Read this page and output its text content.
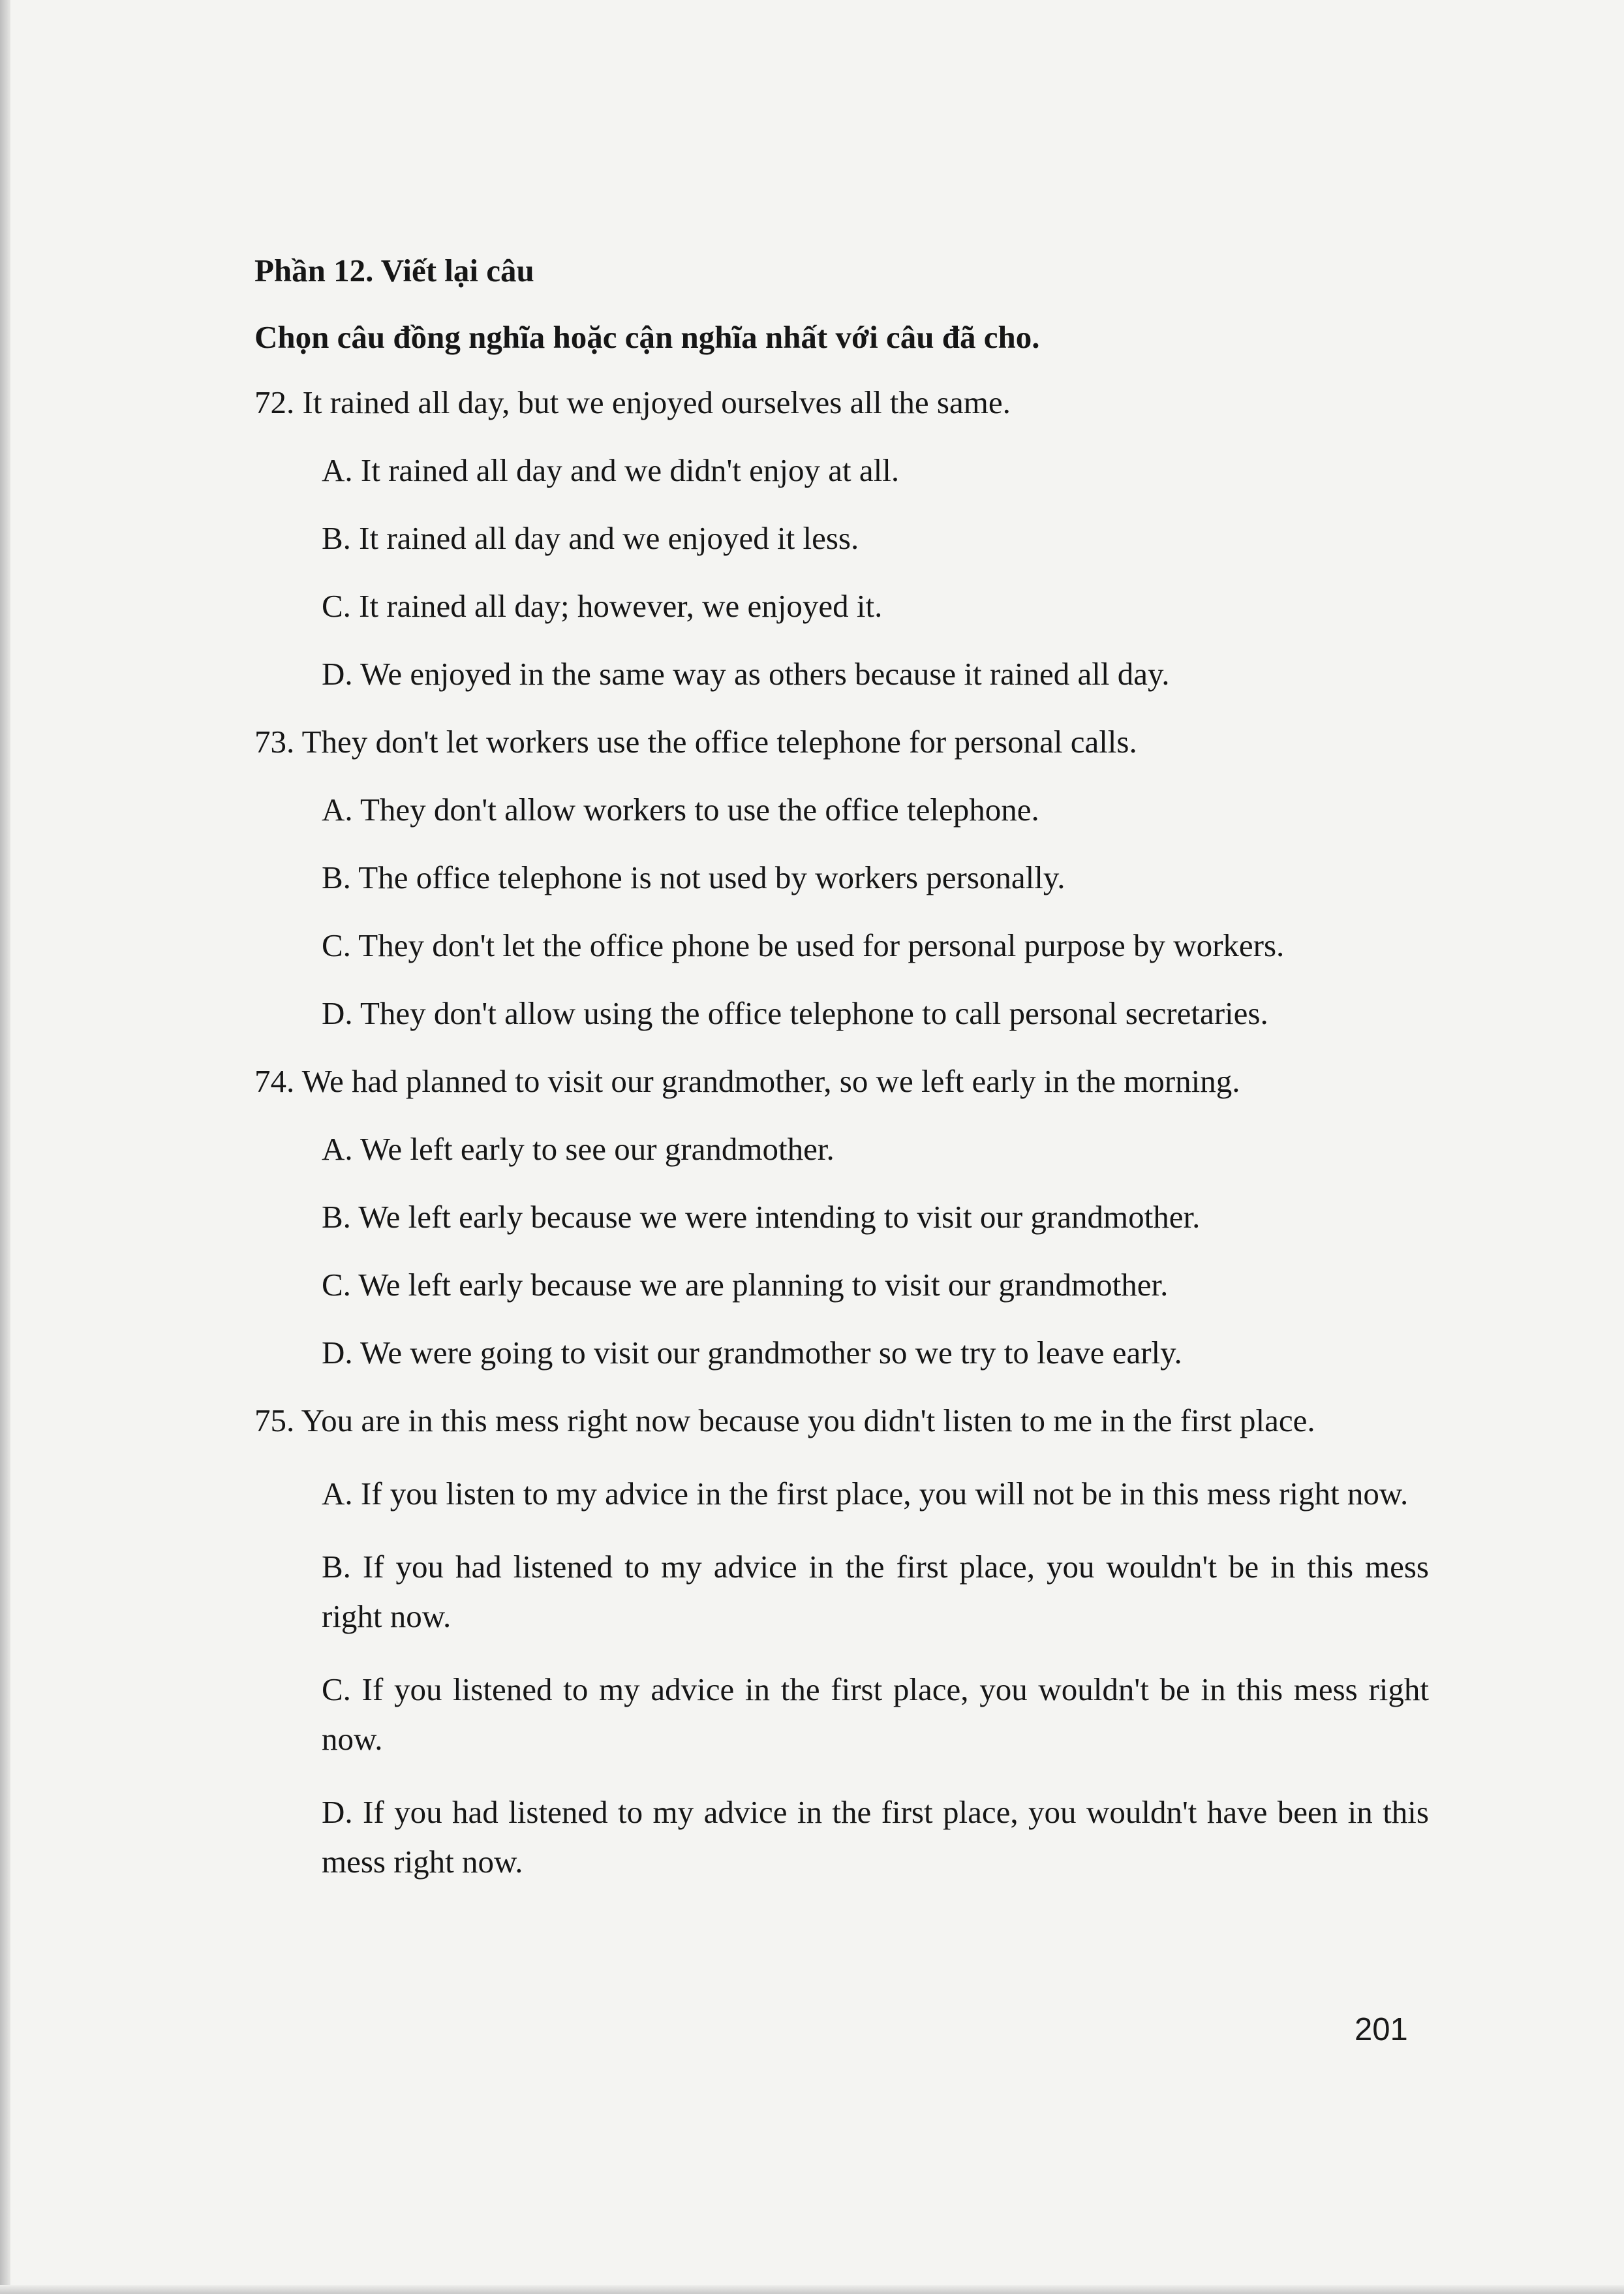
Phần 12. Viết lại câu

Chọn câu đồng nghĩa hoặc cận nghĩa nhất với câu đã cho.

72. It rained all day, but we enjoyed ourselves all the same.

A. It rained all day and we didn't enjoy at all.
B. It rained all day and we enjoyed it less.
C. It rained all day; however, we enjoyed it.
D. We enjoyed in the same way as others because it rained all day.

73. They don't let workers use the office telephone for personal calls.

A. They don't allow workers to use the office telephone.
B. The office telephone is not used by workers personally.
C. They don't let the office phone be used for personal purpose by workers.
D. They don't allow using the office telephone to call personal secretaries.

74. We had planned to visit our grandmother, so we left early in the morning.

A. We left early to see our grandmother.
B. We left early because we were intending to visit our grandmother.
C. We left early because we are planning to visit our grandmother.
D. We were going to visit our grandmother so we try to leave early.

75. You are in this mess right now because you didn't listen to me in the first place.

A. If you listen to my advice in the first place, you will not be in this mess right now.
B. If you had listened to my advice in the first place, you wouldn't be in this mess right now.
C. If you listened to my advice in the first place, you wouldn't be in this mess right now.
D. If you had listened to my advice in the first place, you wouldn't have been in this mess right now.
201
